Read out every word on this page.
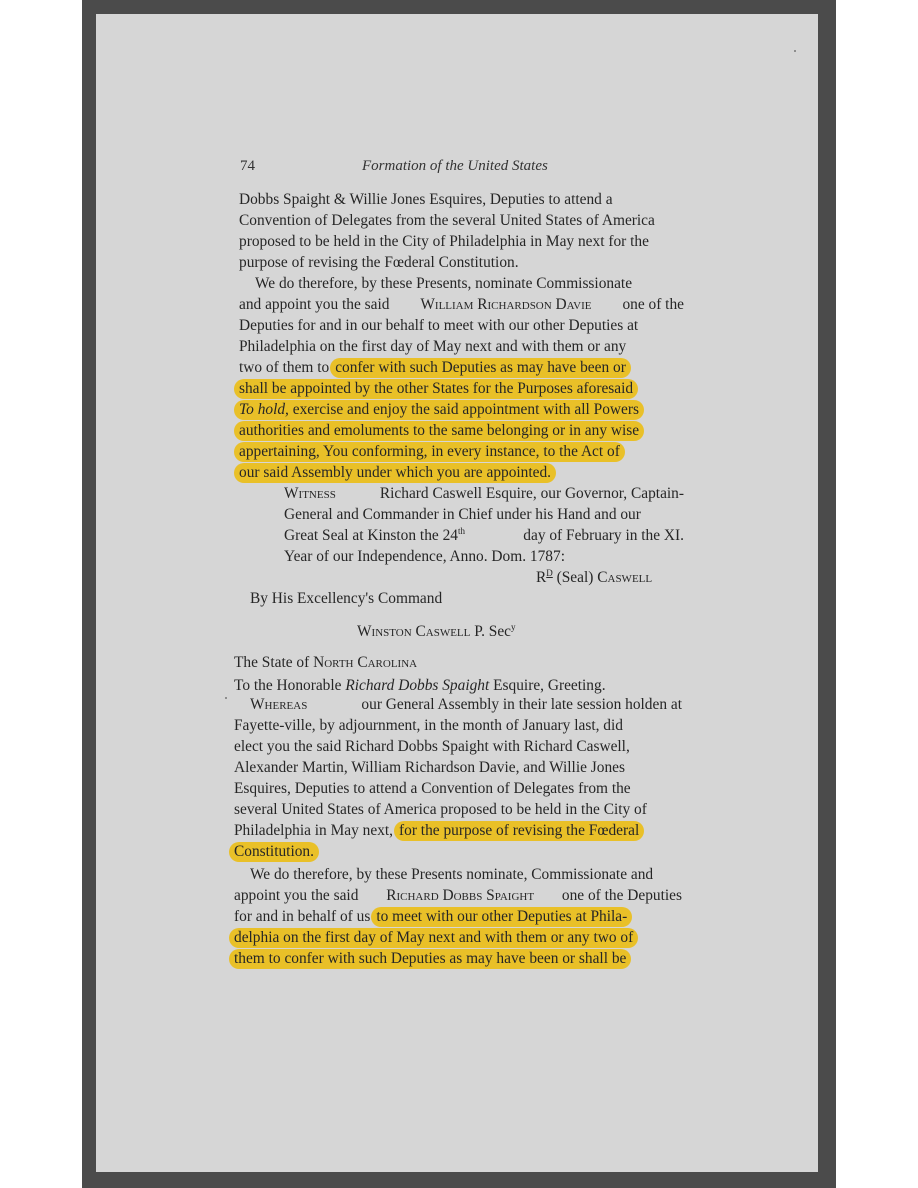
74	Formation of the United States
Dobbs Spaight & Willie Jones Esquires, Deputies to attend a
Convention of Delegates from the several United States of America
proposed to be held in the City of Philadelphia in May next for the
purpose of revising the Fœderal Constitution.
We do therefore, by these Presents, nominate Commissionate
and appoint you the said William Richardson Davie one of the
Deputies for and in our behalf to meet with our other Deputies at
Philadelphia on the first day of May next and with them or any
two of them to confer with such Deputies as may have been or
shall be appointed by the other States for the Purposes aforesaid
To hold, exercise and enjoy the said appointment with all Powers
authorities and emoluments to the same belonging or in any wise
appertaining, You conforming, in every instance, to the Act of
our said Assembly under which you are appointed.
Witness	Richard Caswell Esquire, our Governor, Captain-
General and Commander in Chief under his Hand and our
Great Seal at Kinston the 24th	day of February in the XI.
Year of our Independence, Anno. Dom. 1787:
$R^D$ (Seal) Caswell
By His Excellency's Command
Winston Caswell P. Sec$^y$
The State of North Carolina
To the Honorable Richard Dobbs Spaight Esquire, Greeting.
Whereas	our General Assembly in their late session holden at
Fayette-ville, by adjournment, in the month of January last, did
elect you the said Richard Dobbs Spaight with Richard Caswell,
Alexander Martin, William Richardson Davie, and Willie Jones
Esquires, Deputies to attend a Convention of Delegates from the
several United States of America proposed to be held in the City of
Philadelphia in May next, for the purpose of revising the Fœderal
Constitution.
We do therefore, by these Presents nominate, Commissionate and
appoint you the said Richard Dobbs Spaight one of the Deputies
for and in behalf of us to meet with our other Deputies at Phila-
delphia on the first day of May next and with them or any two of
them to confer with such Deputies as may have been or shall be
